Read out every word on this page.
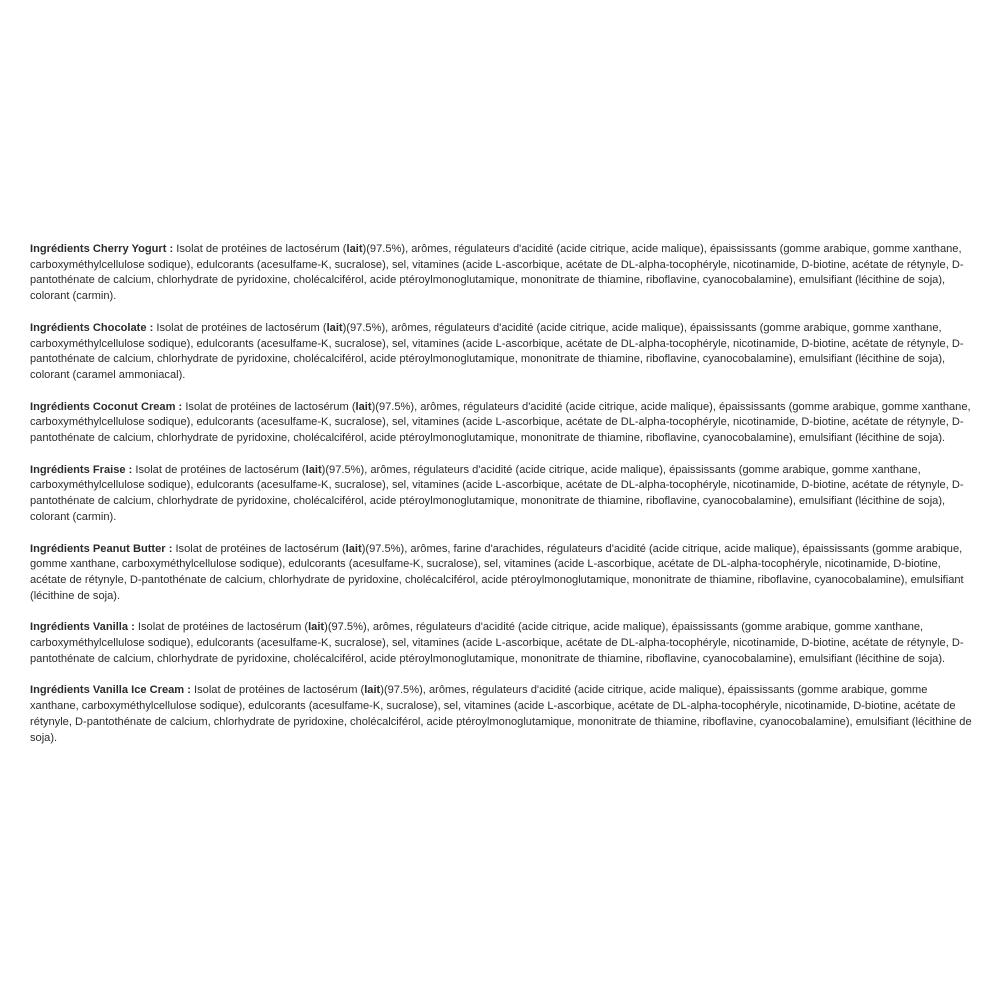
Ingrédients Cherry Yogurt : Isolat de protéines de lactosérum (lait)(97.5%), arômes, régulateurs d'acidité (acide citrique, acide malique), épaississants (gomme arabique, gomme xanthane, carboxyméthylcellulose sodique), edulcorants (acesulfame-K, sucralose), sel, vitamines (acide L-ascorbique, acétate de DL-alpha-tocophéryle, nicotinamide, D-biotine, acétate de rétynyle, D-pantothénate de calcium, chlorhydrate de pyridoxine, cholécalciférol, acide ptéroylmonoglutamique, mononitrate de thiamine, riboflavine, cyanocobalamine), emulsifiant (lécithine de soja), colorant (carmin).

Ingrédients Chocolate : Isolat de protéines de lactosérum (lait)(97.5%), arômes, régulateurs d'acidité (acide citrique, acide malique), épaississants (gomme arabique, gomme xanthane, carboxyméthylcellulose sodique), edulcorants (acesulfame-K, sucralose), sel, vitamines (acide L-ascorbique, acétate de DL-alpha-tocophéryle, nicotinamide, D-biotine, acétate de rétynyle, D-pantothénate de calcium, chlorhydrate de pyridoxine, cholécalciférol, acide ptéroylmonoglutamique, mononitrate de thiamine, riboflavine, cyanocobalamine), emulsifiant (lécithine de soja), colorant (caramel ammoniacal).

Ingrédients Coconut Cream : Isolat de protéines de lactosérum (lait)(97.5%), arômes, régulateurs d'acidité (acide citrique, acide malique), épaississants (gomme arabique, gomme xanthane, carboxyméthylcellulose sodique), edulcorants (acesulfame-K, sucralose), sel, vitamines (acide L-ascorbique, acétate de DL-alpha-tocophéryle, nicotinamide, D-biotine, acétate de rétynyle, D-pantothénate de calcium, chlorhydrate de pyridoxine, cholécalciférol, acide ptéroylmonoglutamique, mononitrate de thiamine, riboflavine, cyanocobalamine), emulsifiant (lécithine de soja).

Ingrédients Fraise : Isolat de protéines de lactosérum (lait)(97.5%), arômes, régulateurs d'acidité (acide citrique, acide malique), épaississants (gomme arabique, gomme xanthane, carboxyméthylcellulose sodique), edulcorants (acesulfame-K, sucralose), sel, vitamines (acide L-ascorbique, acétate de DL-alpha-tocophéryle, nicotinamide, D-biotine, acétate de rétynyle, D-pantothénate de calcium, chlorhydrate de pyridoxine, cholécalciférol, acide ptéroylmonoglutamique, mononitrate de thiamine, riboflavine, cyanocobalamine), emulsifiant (lécithine de soja), colorant (carmin).

Ingrédients Peanut Butter : Isolat de protéines de lactosérum (lait)(97.5%), arômes, farine d'arachides, régulateurs d'acidité (acide citrique, acide malique), épaississants (gomme arabique, gomme xanthane, carboxyméthylcellulose sodique), edulcorants (acesulfame-K, sucralose), sel, vitamines (acide L-ascorbique, acétate de DL-alpha-tocophéryle, nicotinamide, D-biotine, acétate de rétynyle, D-pantothénate de calcium, chlorhydrate de pyridoxine, cholécalciférol, acide ptéroylmonoglutamique, mononitrate de thiamine, riboflavine, cyanocobalamine), emulsifiant (lécithine de soja).

Ingrédients Vanilla : Isolat de protéines de lactosérum (lait)(97.5%), arômes, régulateurs d'acidité (acide citrique, acide malique), épaississants (gomme arabique, gomme xanthane, carboxyméthylcellulose sodique), edulcorants (acesulfame-K, sucralose), sel, vitamines (acide L-ascorbique, acétate de DL-alpha-tocophéryle, nicotinamide, D-biotine, acétate de rétynyle, D-pantothénate de calcium, chlorhydrate de pyridoxine, cholécalciférol, acide ptéroylmonoglutamique, mononitrate de thiamine, riboflavine, cyanocobalamine), emulsifiant (lécithine de soja).

Ingrédients Vanilla Ice Cream : Isolat de protéines de lactosérum (lait)(97.5%), arômes, régulateurs d'acidité (acide citrique, acide malique), épaississants (gomme arabique, gomme xanthane, carboxyméthylcellulose sodique), edulcorants (acesulfame-K, sucralose), sel, vitamines (acide L-ascorbique, acétate de DL-alpha-tocophéryle, nicotinamide, D-biotine, acétate de rétynyle, D-pantothénate de calcium, chlorhydrate de pyridoxine, cholécalciférol, acide ptéroylmonoglutamique, mononitrate de thiamine, riboflavine, cyanocobalamine), emulsifiant (lécithine de soja).
